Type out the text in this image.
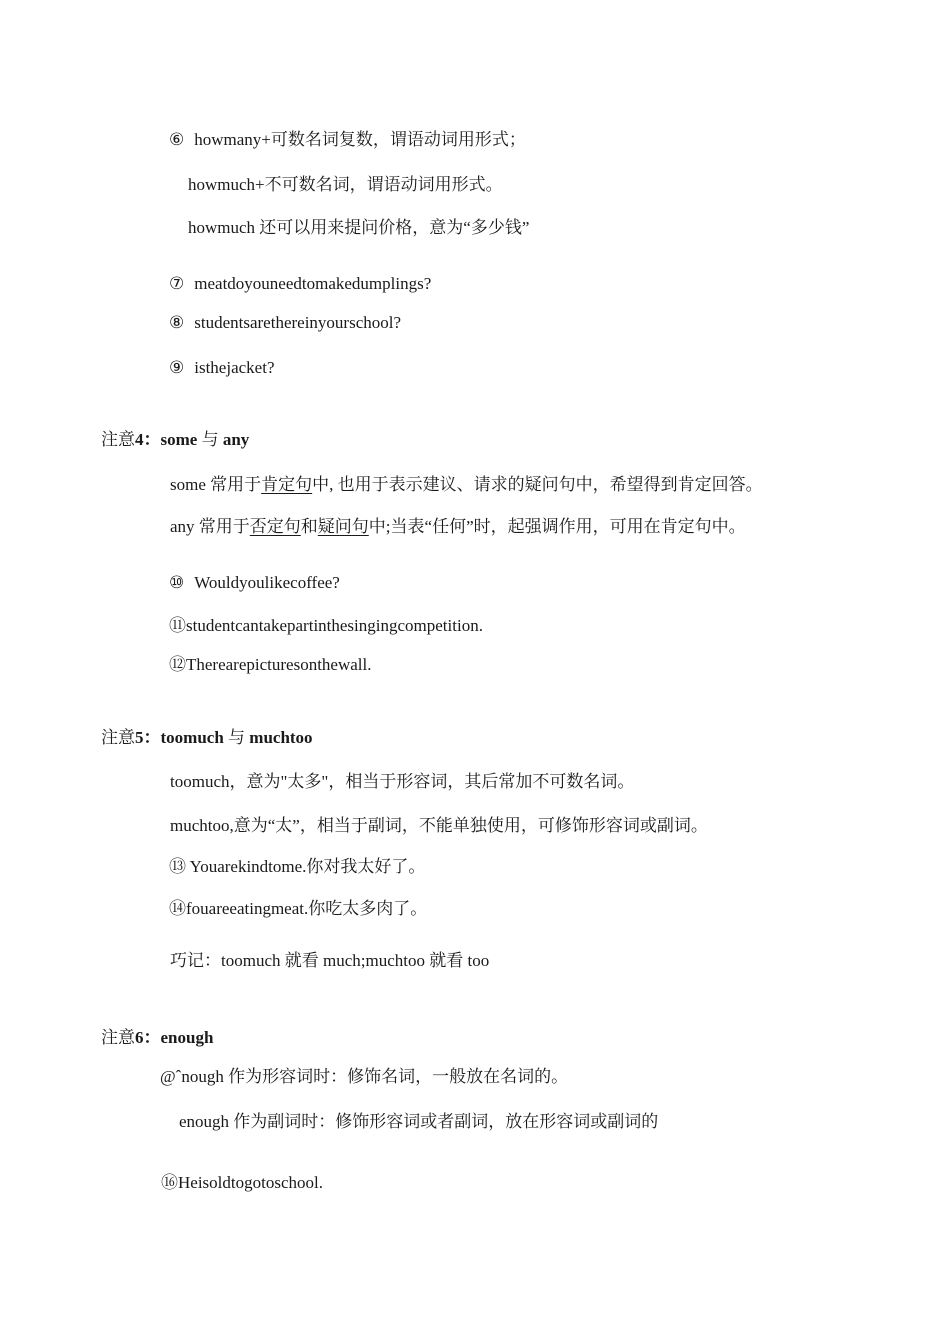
⑥ howmany+可数名词复数，谓语动词用形式；
howmuch+不可数名词，谓语动词用形式。
howmuch 还可以用来提问价格，意为“多少钱”
⑦ meatdoyouneedtomakedumplings?
⑧ studentsarethereinyourschool?
⑨ isthejacket?
注意4：some 与 any
some 常用于肯定句中, 也用于表示建议、请求的疑问句中，希望得到肯定回答。
any 常用于否定句和疑问句中;当表“任何”时，起强调作用，可用在肯定句中。
⑩ Wouldyoulikecoffee?
⑪studentcantakepartinthesingingcompetition.
⑫Therearepicturesonthewall.
注意5：toomuch 与 muchtoo
toomuch，意为"太多"，相当于形容词，其后常加不可数名词。
muchtoo,意为“太”，相当于副词，不能单独使用，可修饰形容词或副词。
⑬ Youarekindtome.你对我太好了。
⑭fouareeatingmeat.你吃太多肉了。
巧记：toomuch 就看 much;muchtoo 就看 too
注意6：enough
@ˆnough 作为形容词时：修饰名词，一般放在名词的。
enough 作为副词时：修饰形容词或者副词，放在形容词或副词的
⑯Heisoldtogotoschool.
